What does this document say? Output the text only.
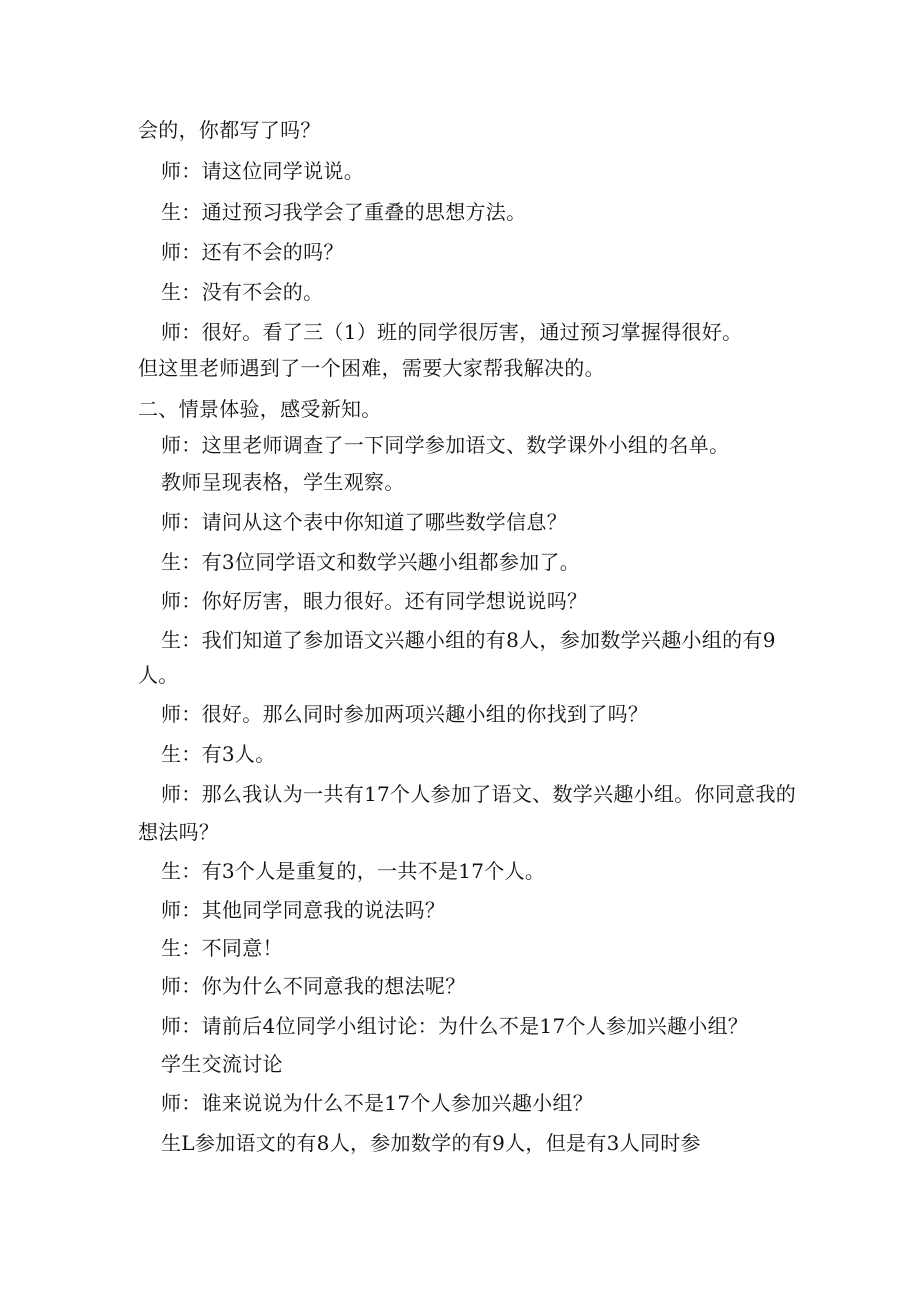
会的，你都写了吗？
师：请这位同学说说。
生：通过预习我学会了重叠的思想方法。
师：还有不会的吗？
生：没有不会的。
师：很好。看了三（1）班的同学很厉害，通过预习掌握得很好。
但这里老师遇到了一个困难，需要大家帮我解决的。
二、情景体验，感受新知。
师：这里老师调查了一下同学参加语文、数学课外小组的名单。
教师呈现表格，学生观察。
师：请问从这个表中你知道了哪些数学信息？
生：有3位同学语文和数学兴趣小组都参加了。
师：你好厉害，眼力很好。还有同学想说说吗？
生：我们知道了参加语文兴趣小组的有8人，参加数学兴趣小组的有9
人。
师：很好。那么同时参加两项兴趣小组的你找到了吗？
生：有3人。
师：那么我认为一共有17个人参加了语文、数学兴趣小组。你同意我的
想法吗？
生：有3个人是重复的，一共不是17个人。
师：其他同学同意我的说法吗？
生：不同意！
师：你为什么不同意我的想法呢？
师：请前后4位同学小组讨论：为什么不是17个人参加兴趣小组？
学生交流讨论
师：谁来说说为什么不是17个人参加兴趣小组？
生L参加语文的有8人，参加数学的有9人，但是有3人同时参
